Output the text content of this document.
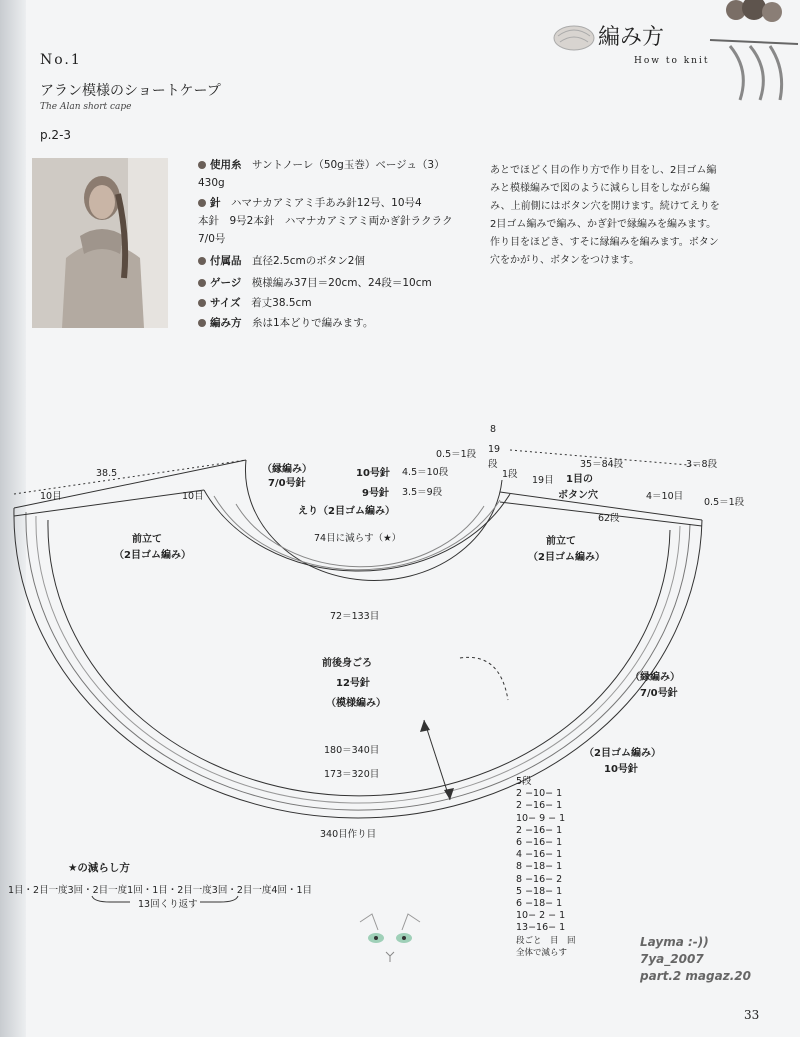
編み方
How to knit
No.1
アラン模様のショートケープ
The Alan short cape
p.2-3
使用糸　 サントノーレ（50g玉巻）ベージュ（3）
430g
針　 ハマナカアミアミ手あみ針12号、10号4
本針　9号2本針　ハマナカアミアミ両かぎ針ラクラク7/0号
付属品　 直径2.5cmのボタン2個
ゲージ　 模様編み37目＝20cm、24段＝10cm
サイズ　 着丈38.5cm
編み方　 糸は1本どりで編みます。
あとでほどく目の作り方で作り目をし、2目ゴム編
みと模様編みで図のように減らし目をしながら編
み、上前側にはボタン穴を開けます。続けてえりを
2目ゴム編みで編み、かぎ針で縁編みを編みます。
作り目をほどき、すそに縁編みを編みます。ボタン
穴をかがり、ボタンをつけます。
38.5
10目	10目
（縁編み）
7/0号針
10号針 4.5＝10段
9号針 3.5＝9段
えり（2目ゴム編み）
74目に減らす（★）
前立て
（2目ゴム編み）
前立て
（2目ゴム編み）
72＝133目
前後身ごろ
12号針
（模様編み）
180＝340目
173＝320目
340目作り目
（縁編み）
7/0号針
（2目ゴム編み）
10号針
0.5＝1段
8
19
段
1段
19目 1目の
ボタン穴
35＝84段	3＝8段
4＝10目
0.5＝1段
62段
★の減らし方
1目・2目一度3回・2目一度1回・1目・2目一度3回・2目一度4回・1目
13回くり返す
5段
2 −10− 1
2 −16− 1
10− 9 − 1
2 −16− 1
6 −16− 1
4 −16− 1
8 −18− 1
8 −16− 2
5 −18− 1
6 −18− 1
10− 2 − 1
13−16− 1
段ごと　目　回
全体で減らす
Layma :-))
7ya_2007
part.2 magaz.20
33
